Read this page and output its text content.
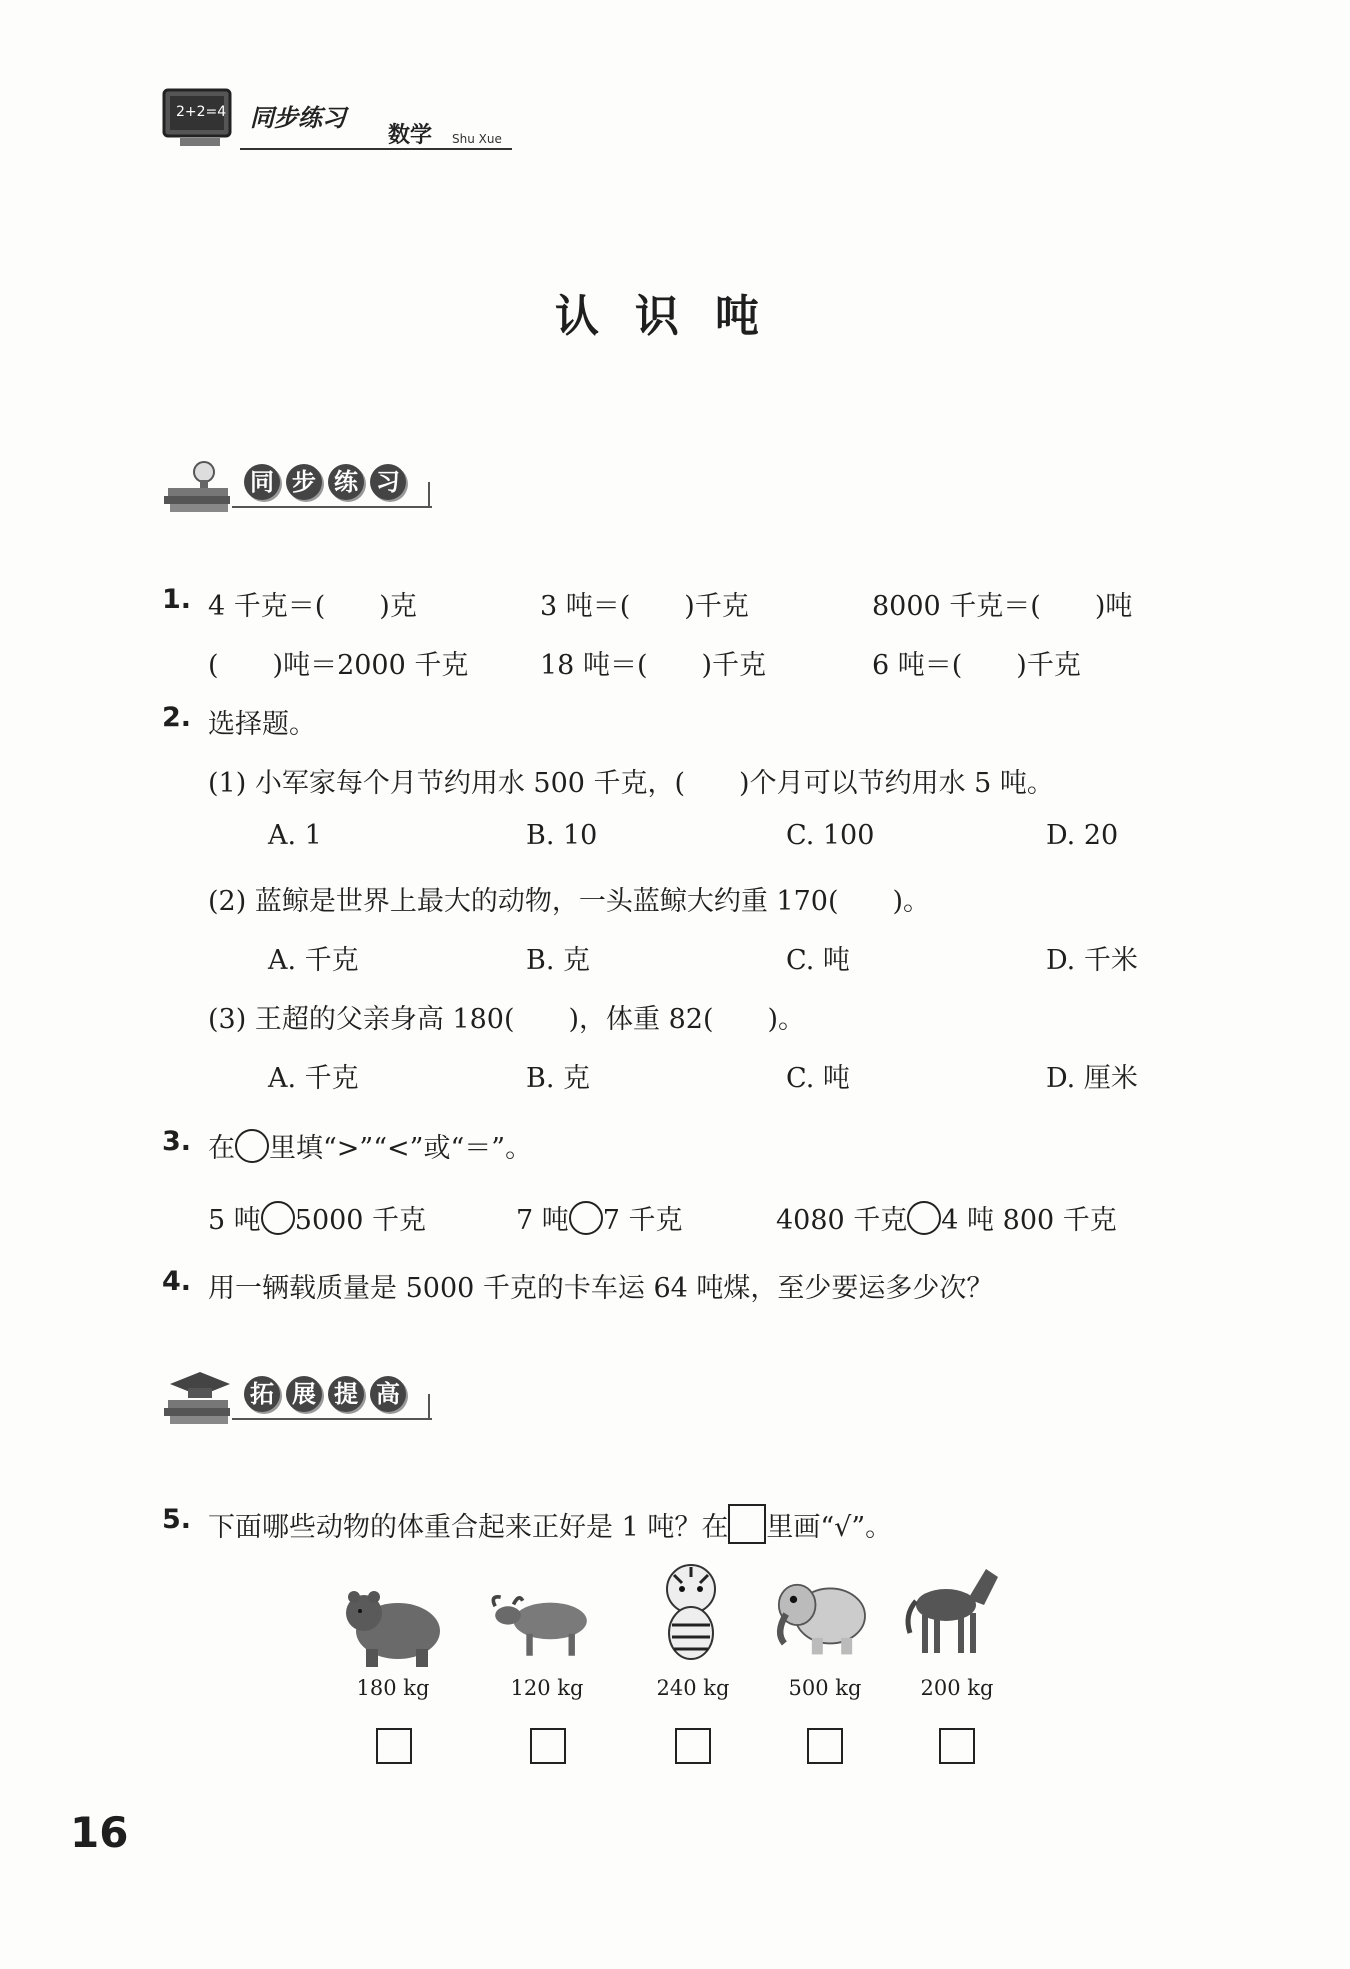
2+2=4 同步练习
数学 Shu Xue
认识吨
同 步 练 习
1. 4 千克＝(　　)克	3 吨＝(　　)千克	8000 千克＝(　　)吨
(　　)吨＝2000 千克	18 吨＝(　　)千克	6 吨＝(　　)千克
2. 选择题。
(1) 小军家每个月节约用水 500 千克，(　　)个月可以节约用水 5 吨。
A. 1	B. 10	C. 100	D. 20
(2) 蓝鲸是世界上最大的动物，一头蓝鲸大约重 170(　　)。
A. 千克	B. 克	C. 吨	D. 千米
(3) 王超的父亲身高 180(　　)，体重 82(　　)。
A. 千克	B. 克	C. 吨	D. 厘米
3. 在 里填“>”“<”或“＝”。
5 吨 5000 千克	7 吨 7 千克	4080 千克 4 吨 800 千克
4. 用一辆载质量是 5000 千克的卡车运 64 吨煤，至少要运多少次？
拓 展 提 高
5. 下面哪些动物的体重合起来正好是 1 吨？在 里画“√”。
180 kg	120 kg	240 kg	500 kg	200 kg
16
